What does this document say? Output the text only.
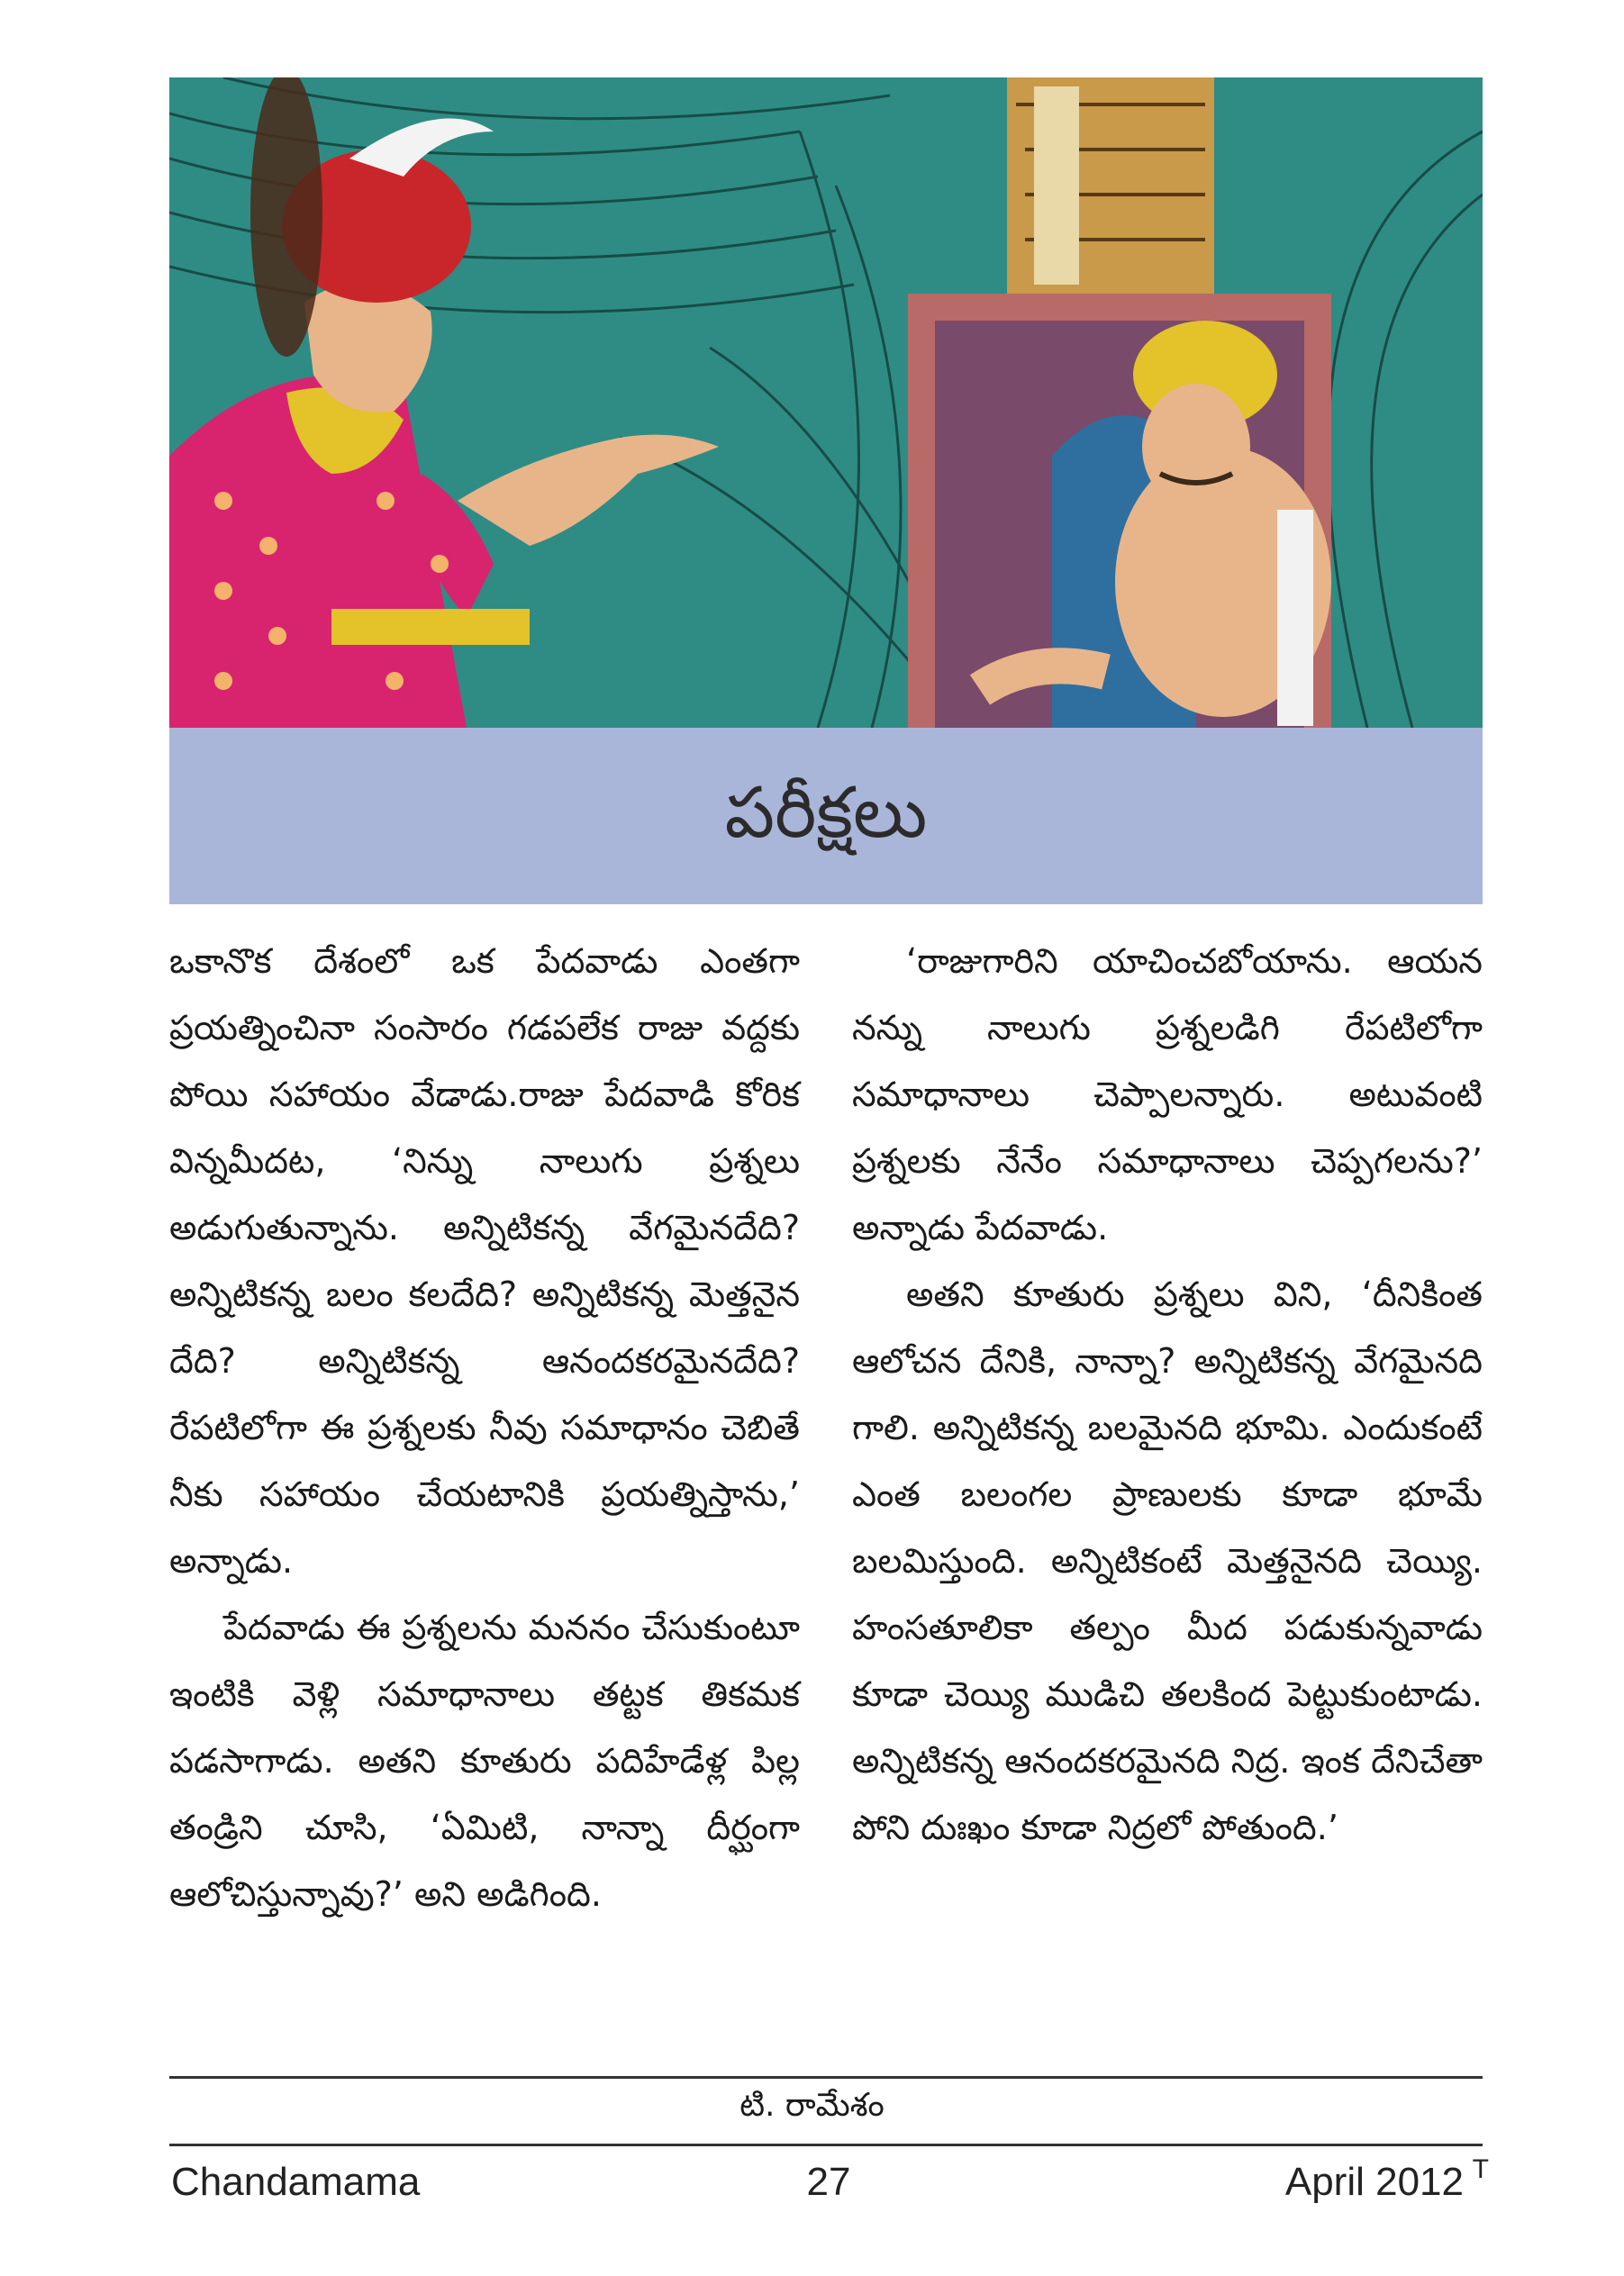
పరీక్షలు

ఒకానొక దేశంలో ఒక పేదవాడు ఎంతగా ప్రయత్నించినా సంసారం గడపలేక రాజు వద్దకు పోయి సహాయం వేడాడు.రాజు పేదవాడి కోరిక విన్నమీదట, ‘నిన్ను నాలుగు ప్రశ్నలు అడుగుతున్నాను. అన్నిటికన్న వేగమైనదేది? అన్నిటికన్న బలం కలదేది? అన్నిటికన్న మెత్తనైన దేది? అన్నిటికన్న ఆనందకరమైనదేది? రేపటిలోగా ఈ ప్రశ్నలకు నీవు సమాధానం చెబితే నీకు సహాయం చేయటానికి ప్రయత్నిస్తాను,’ అన్నాడు.

పేదవాడు ఈ ప్రశ్నలను మననం చేసుకుంటూ ఇంటికి వెళ్లి సమాధానాలు తట్టక తికమక పడసాగాడు. అతని కూతురు పదిహేడేళ్ల పిల్ల తండ్రిని చూసి, ‘ఏమిటి, నాన్నా దీర్ఘంగా ఆలోచిస్తున్నావు?’ అని అడిగింది.

‘రాజుగారిని యాచించబోయాను. ఆయన నన్ను నాలుగు ప్రశ్నలడిగి రేపటిలోగా సమాధానాలు చెప్పాలన్నారు. అటువంటి ప్రశ్నలకు నేనేం సమాధానాలు చెప్పగలను?’ అన్నాడు పేదవాడు.

అతని కూతురు ప్రశ్నలు విని, ‘దీనికింత ఆలోచన దేనికి, నాన్నా? అన్నిటికన్న వేగమైనది గాలి. అన్నిటికన్న బలమైనది భూమి. ఎందుకంటే ఎంత బలంగల ప్రాణులకు కూడా భూమే బలమిస్తుంది. అన్నిటికంటే మెత్తనైనది చెయ్యి. హంసతూలికా తల్పం మీద పడుకున్నవాడు కూడా చెయ్యి ముడిచి తలకింద పెట్టుకుంటాడు. అన్నిటికన్న ఆనందకరమైనది నిద్ర. ఇంక దేనిచేతా పోని దుఃఖం కూడా నిద్రలో పోతుంది.’

టి. రామేశం
Chandamama	27	April 2012 T
